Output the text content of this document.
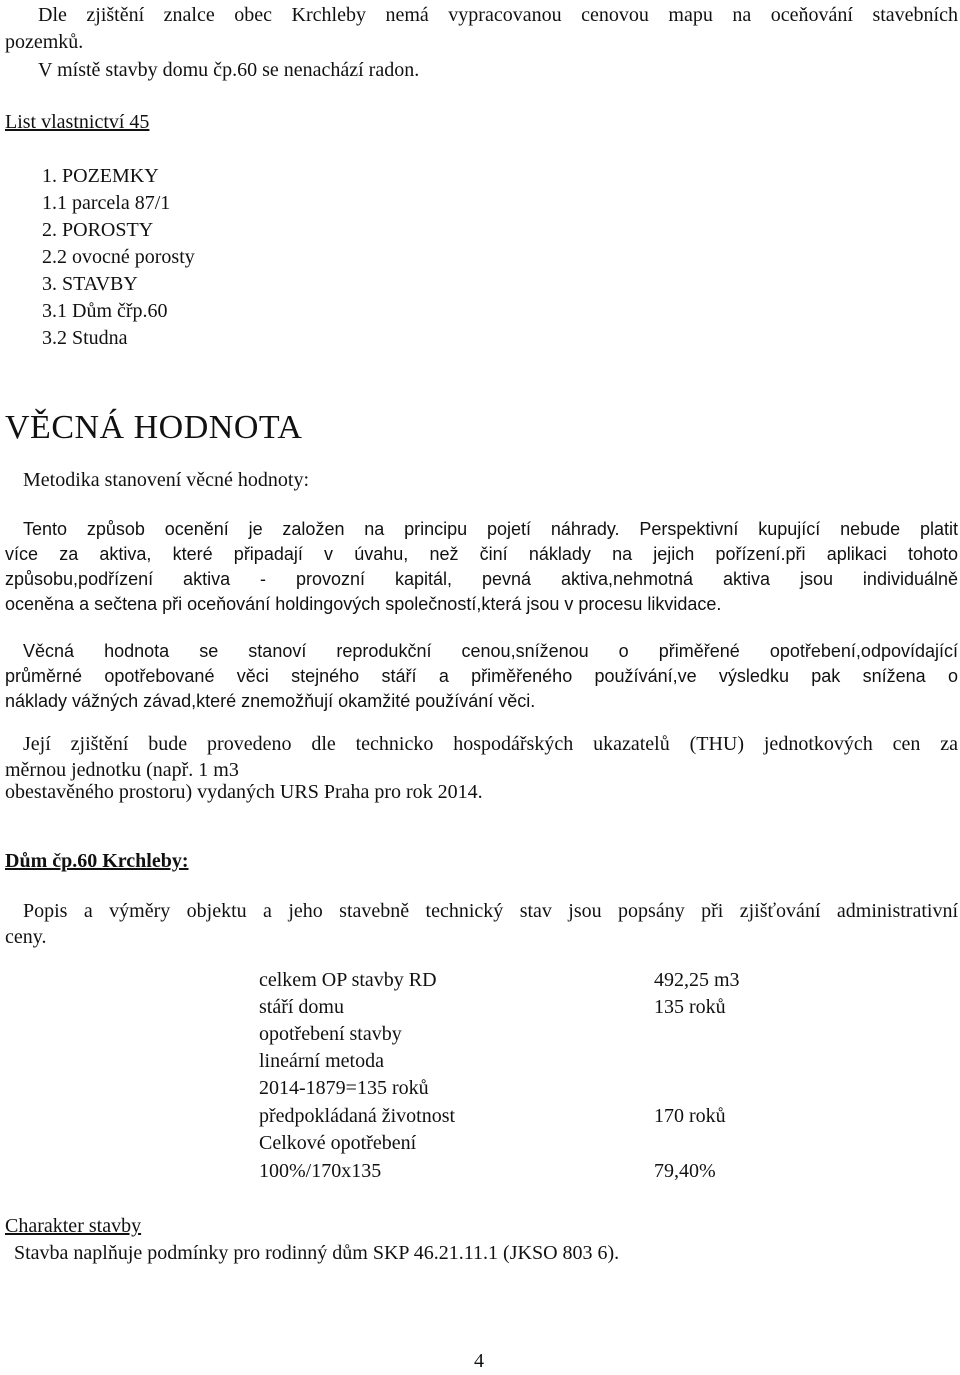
Dle zjištění znalce obec Krchleby nemá vypracovanou cenovou mapu na oceňování stavebních
pozemků.
V místě stavby domu čp.60 se nenachází radon.
List vlastnictví 45
1. POZEMKY
1.1 parcela 87/1
2. POROSTY
2.2 ovocné porosty
3. STAVBY
3.1 Dům čřp.60
3.2 Studna
VĚCNÁ HODNOTA
Metodika stanovení věcné hodnoty:
Tento způsob ocenění je založen na principu pojetí náhrady. Perspektivní kupující nebude platit
více za aktiva, které připadají v úvahu, než činí náklady na jejich pořízení.při aplikaci tohoto
způsobu,podřízení aktiva - provozní kapitál, pevná aktiva,nehmotná aktiva jsou individuálně
oceněna a sečtena při oceňování holdingových společností,která jsou v procesu likvidace.
Věcná hodnota se stanoví reprodukční cenou,sníženou o přiměřené opotřebení,odpovídající
průměrné opotřebované věci stejného stáří a přiměřeného používání,ve výsledku pak snížena o
náklady vážných závad,které znemožňují okamžité používání věci.
Její zjištění bude provedeno dle technicko hospodářských ukazatelů (THU) jednotkových cen za
měrnou jednotku (např. 1 m3
obestavěného prostoru) vydaných URS Praha pro rok 2014.
Dům čp.60 Krchleby:
Popis a výměry objektu a jeho stavebně technický stav jsou popsány při zjišťování administrativní
ceny.
celkem OP stavby RD	492,25 m3
stáří domu	135 roků
opotřebení stavby
lineární metoda
2014-1879=135 roků
předpokládaná životnost	170 roků
Celkové opotřebení
100%/170x135	79,40%
Charakter stavby
Stavba naplňuje podmínky pro rodinný dům SKP 46.21.11.1 (JKSO 803 6).
4
